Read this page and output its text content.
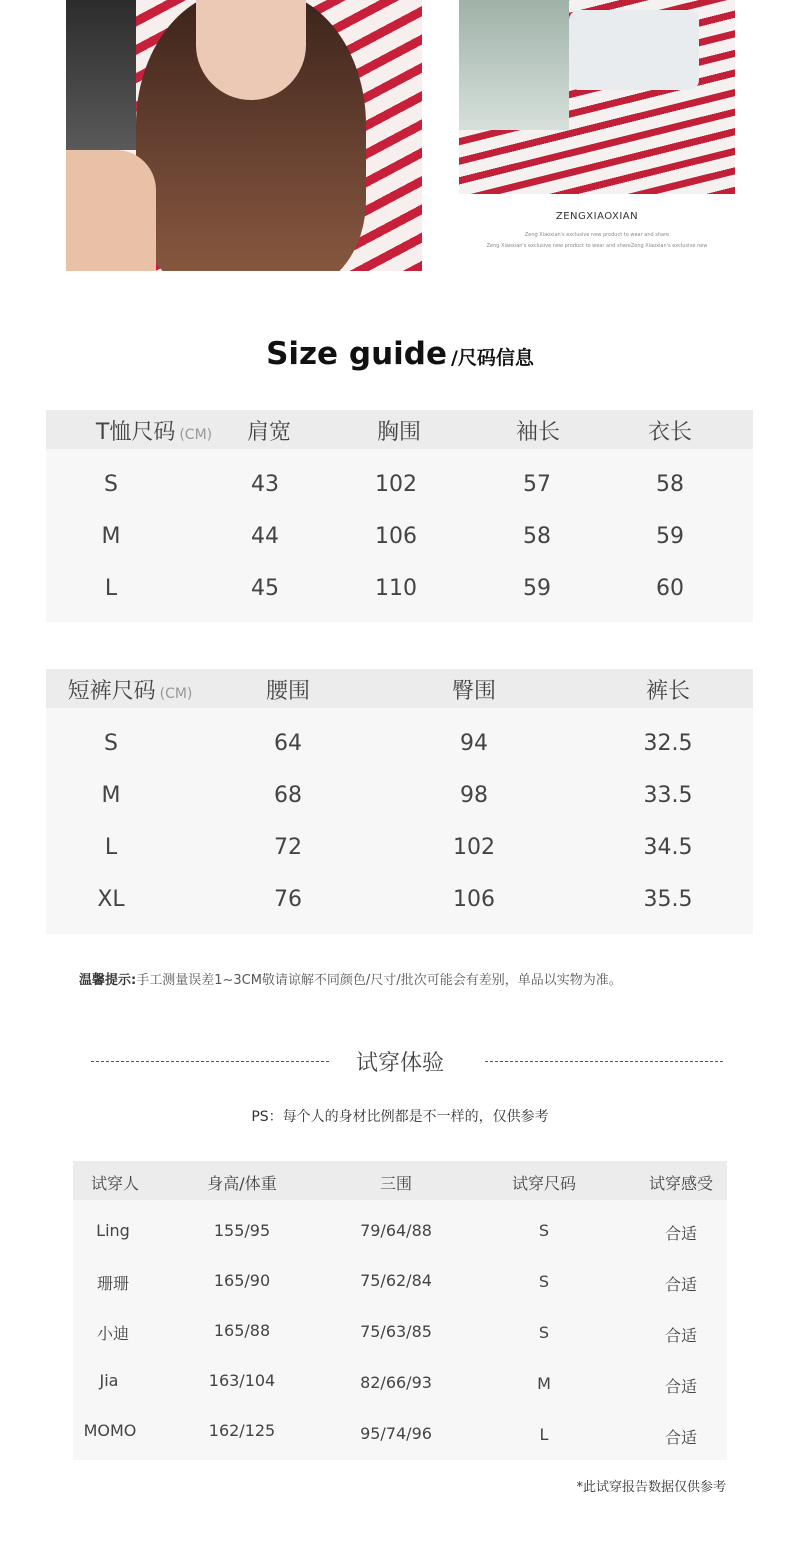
ZENGXIAOXIAN
Zeng Xiaoxian's exclusive new product to wear and share
Zeng Xiaoxian's exclusive new product to wear and shareZeng Xiaoxian's exclusive new
Size guide /尺码信息
T恤尺码 (CM) 肩宽	胸围	袖长	衣长
S	43	102	57	58
M	44	106	58	59
L	45	110	59	60
短裤尺码 (CM)	腰围	臀围	裤长
S	64	94	32.5
M	68	98	33.5
L	72	102	34.5
XL	76	106	35.5
温馨提示:手工测量误差1~3CM敬请谅解不同颜色/尺寸/批次可能会有差别，单品以实物为准。
试穿体验
PS：每个人的身材比例都是不一样的，仅供参考
试穿人	身高/体重	三围	试穿尺码	试穿感受
Ling	155/95	79/64/88	S	合适
珊珊	165/90	75/62/84	S	合适
小迪	165/88	75/63/85	S	合适
Jia	163/104	82/66/93	M	合适
MOMO	162/125	95/74/96	L	合适
*此试穿报告数据仅供参考
